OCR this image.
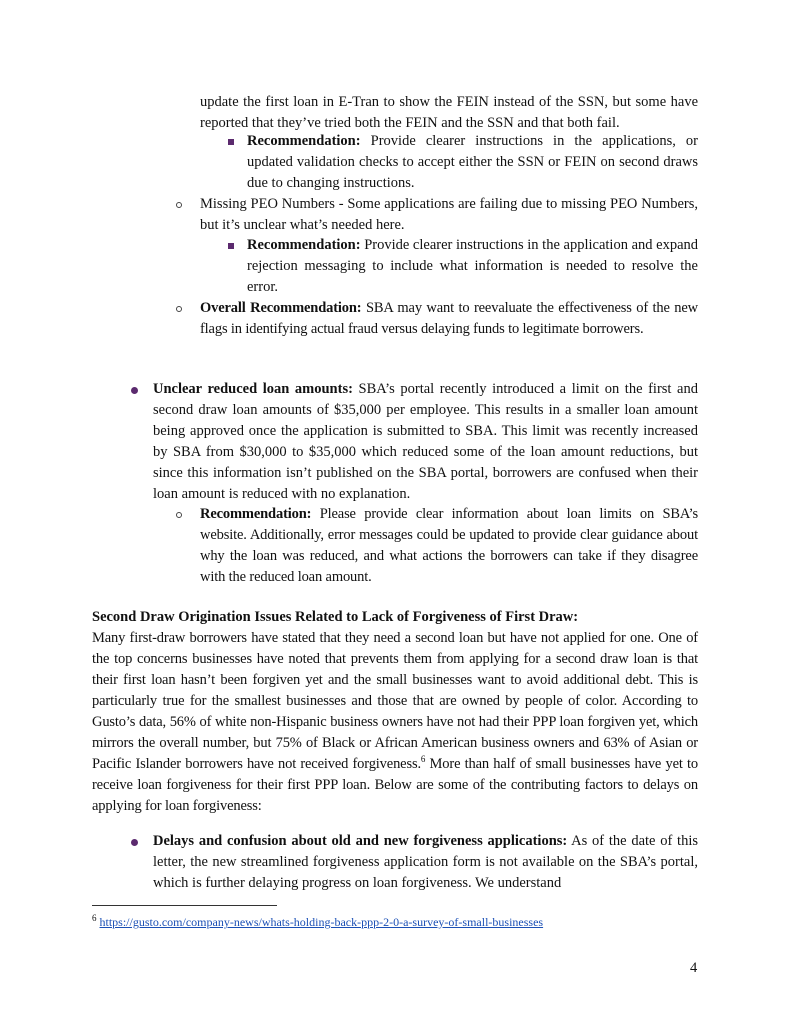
update the first loan in E-Tran to show the FEIN instead of the SSN, but some have reported that they’ve tried both the FEIN and the SSN and that both fail.
Recommendation: Provide clearer instructions in the applications, or updated validation checks to accept either the SSN or FEIN on second draws due to changing instructions.
Missing PEO Numbers - Some applications are failing due to missing PEO Numbers, but it’s unclear what’s needed here.
Recommendation: Provide clearer instructions in the application and expand rejection messaging to include what information is needed to resolve the error.
Overall Recommendation: SBA may want to reevaluate the effectiveness of the new flags in identifying actual fraud versus delaying funds to legitimate borrowers.
Unclear reduced loan amounts: SBA’s portal recently introduced a limit on the first and second draw loan amounts of $35,000 per employee. This results in a smaller loan amount being approved once the application is submitted to SBA. This limit was recently increased by SBA from $30,000 to $35,000 which reduced some of the loan amount reductions, but since this information isn’t published on the SBA portal, borrowers are confused when their loan amount is reduced with no explanation.
Recommendation: Please provide clear information about loan limits on SBA’s website. Additionally, error messages could be updated to provide clear guidance about why the loan was reduced, and what actions the borrowers can take if they disagree with the reduced loan amount.
Second Draw Origination Issues Related to Lack of Forgiveness of First Draw:
Many first-draw borrowers have stated that they need a second loan but have not applied for one. One of the top concerns businesses have noted that prevents them from applying for a second draw loan is that their first loan hasn’t been forgiven yet and the small businesses want to avoid additional debt. This is particularly true for the smallest businesses and those that are owned by people of color. According to Gusto’s data, 56% of white non-Hispanic business owners have not had their PPP loan forgiven yet, which mirrors the overall number, but 75% of Black or African American business owners and 63% of Asian or Pacific Islander borrowers have not received forgiveness.$^6$ More than half of small businesses have yet to receive loan forgiveness for their first PPP loan. Below are some of the contributing factors to delays on applying for loan forgiveness:
Delays and confusion about old and new forgiveness applications: As of the date of this letter, the new streamlined forgiveness application form is not available on the SBA’s portal, which is further delaying progress on loan forgiveness. We understand
$^6$ https://gusto.com/company-news/whats-holding-back-ppp-2-0-a-survey-of-small-businesses
4
